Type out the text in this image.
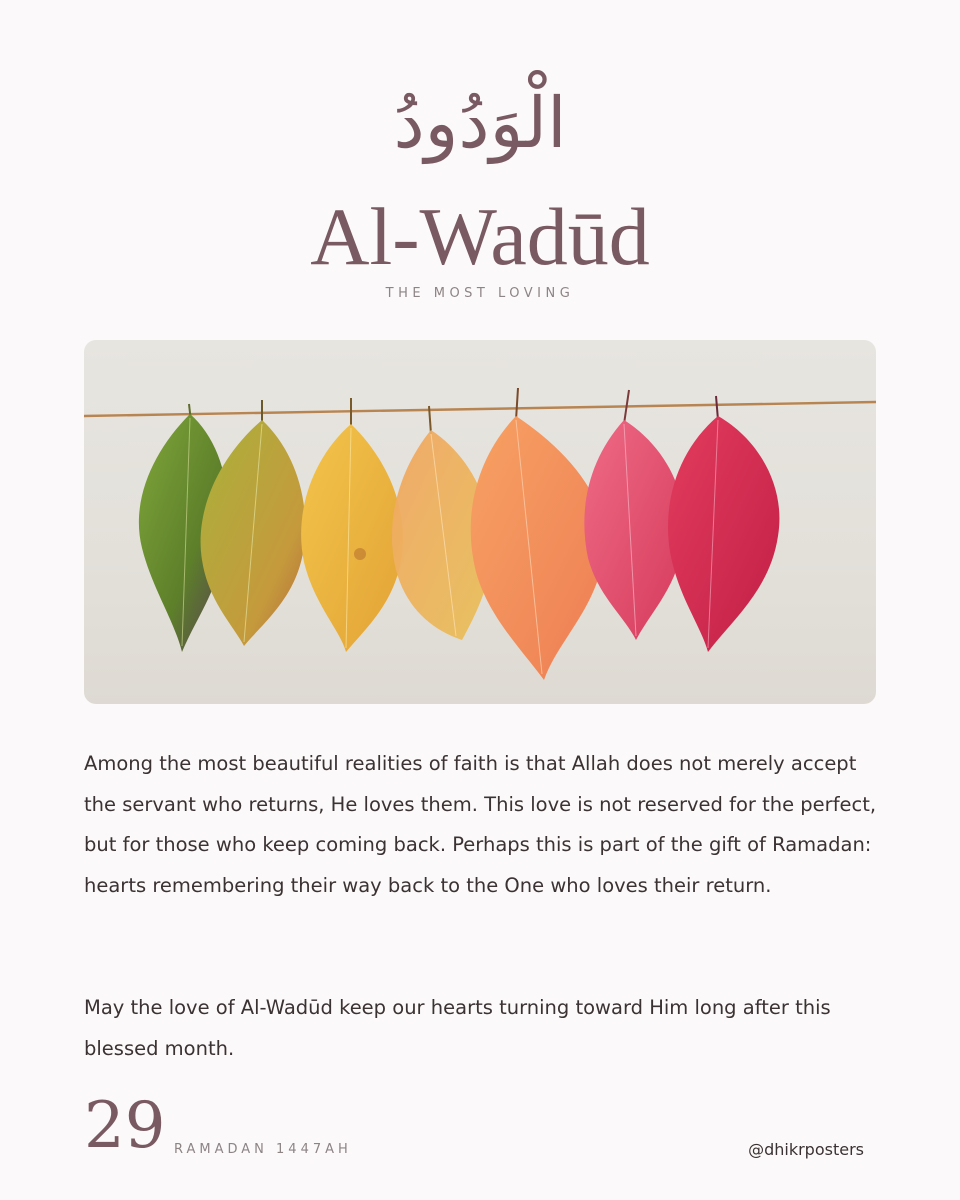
الْوَدُودُ
Al-Wadūd
THE MOST LOVING

Among the most beautiful realities of faith is that Allah does not merely accept the servant who returns, He loves them. This love is not reserved for the perfect, but for those who keep coming back. Perhaps this is part of the gift of Ramadan: hearts remembering their way back to the One who loves their return.

May the love of Al-Wadūd keep our hearts turning toward Him long after this blessed month.

29 RAMADAN 1447AH	@dhikrposters
